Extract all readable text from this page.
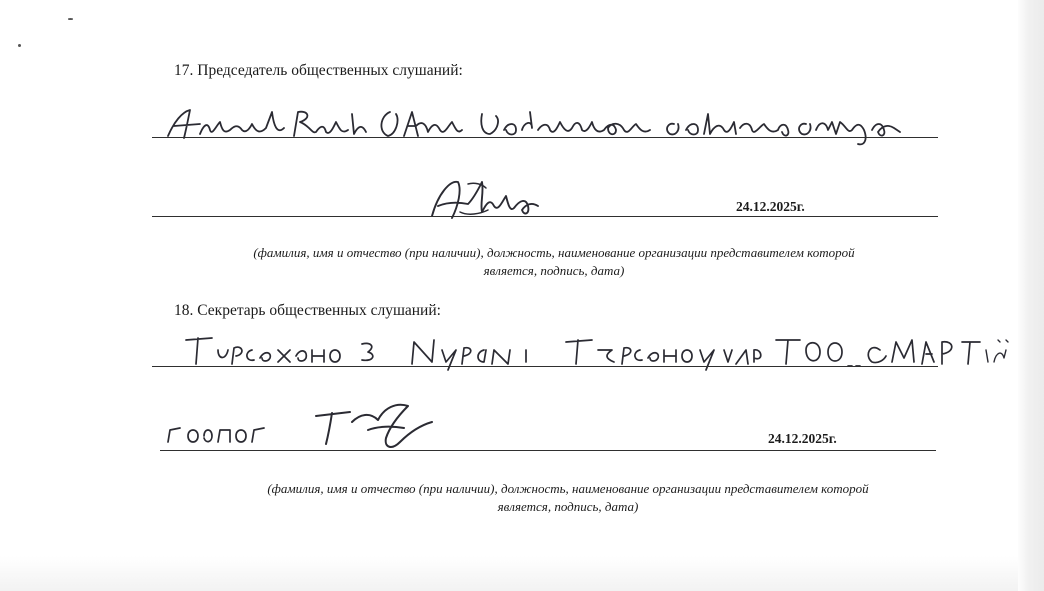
17. Председатель общественных слушаний:
24.12.2025г.
(фамилия, имя и отчество (при наличии), должность, наименование организации представителем которой
является, подпись, дата)
18. Секретарь общественных слушаний:
24.12.2025г.
(фамилия, имя и отчество (при наличии), должность, наименование организации представителем которой
является, подпись, дата)
